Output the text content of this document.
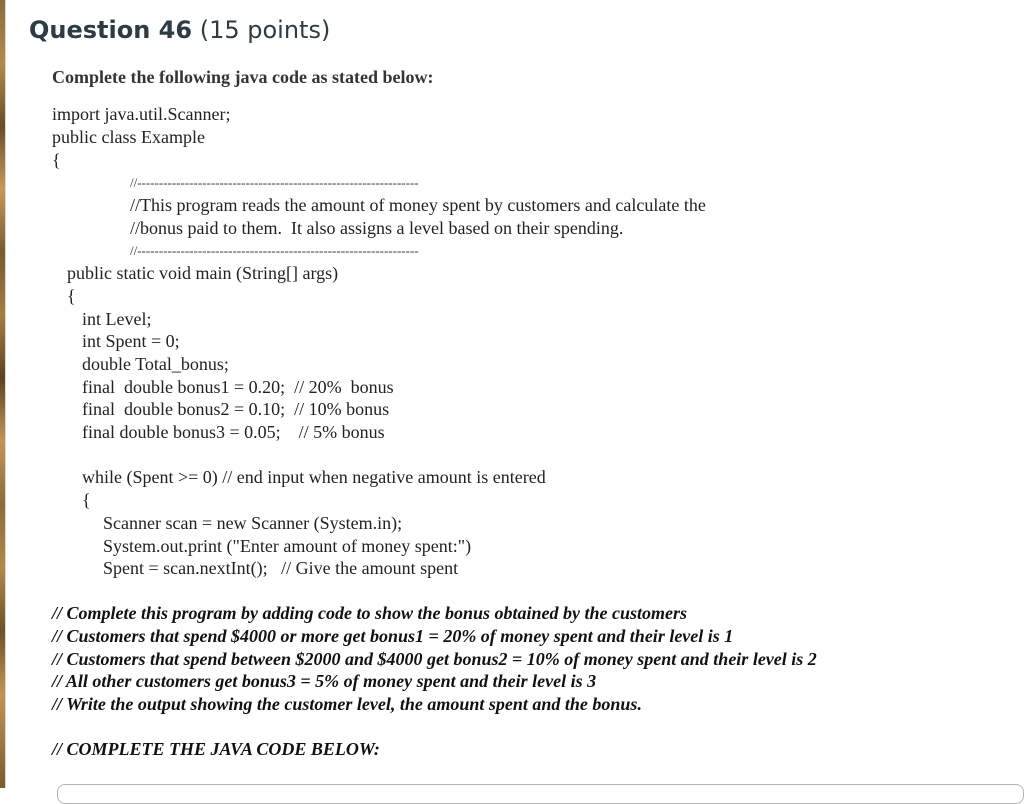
Question 46 (15 points)
Complete the following java code as stated below:
import java.util.Scanner;
public class Example
{
//-----------------------------------------------------------------
//This program reads the amount of money spent by customers and calculate the
//bonus paid to them.  It also assigns a level based on their spending.
//-----------------------------------------------------------------
public static void main (String[] args)
{
int Level;
int Spent = 0;
double Total_bonus;
final  double bonus1 = 0.20;  // 20%  bonus
final  double bonus2 = 0.10;  // 10% bonus
final double bonus3 = 0.05;    // 5% bonus
while (Spent >= 0) // end input when negative amount is entered
{
Scanner scan = new Scanner (System.in);
System.out.print ("Enter amount of money spent:")
Spent = scan.nextInt();   // Give the amount spent
// Complete this program by adding code to show the bonus obtained by the customers
// Customers that spend $4000 or more get bonus1 = 20% of money spent and their level is 1
// Customers that spend between $2000 and $4000 get bonus2 = 10% of money spent and their level is 2
// All other customers get bonus3 = 5% of money spent and their level is 3
// Write the output showing the customer level, the amount spent and the bonus.
// COMPLETE THE JAVA CODE BELOW:
